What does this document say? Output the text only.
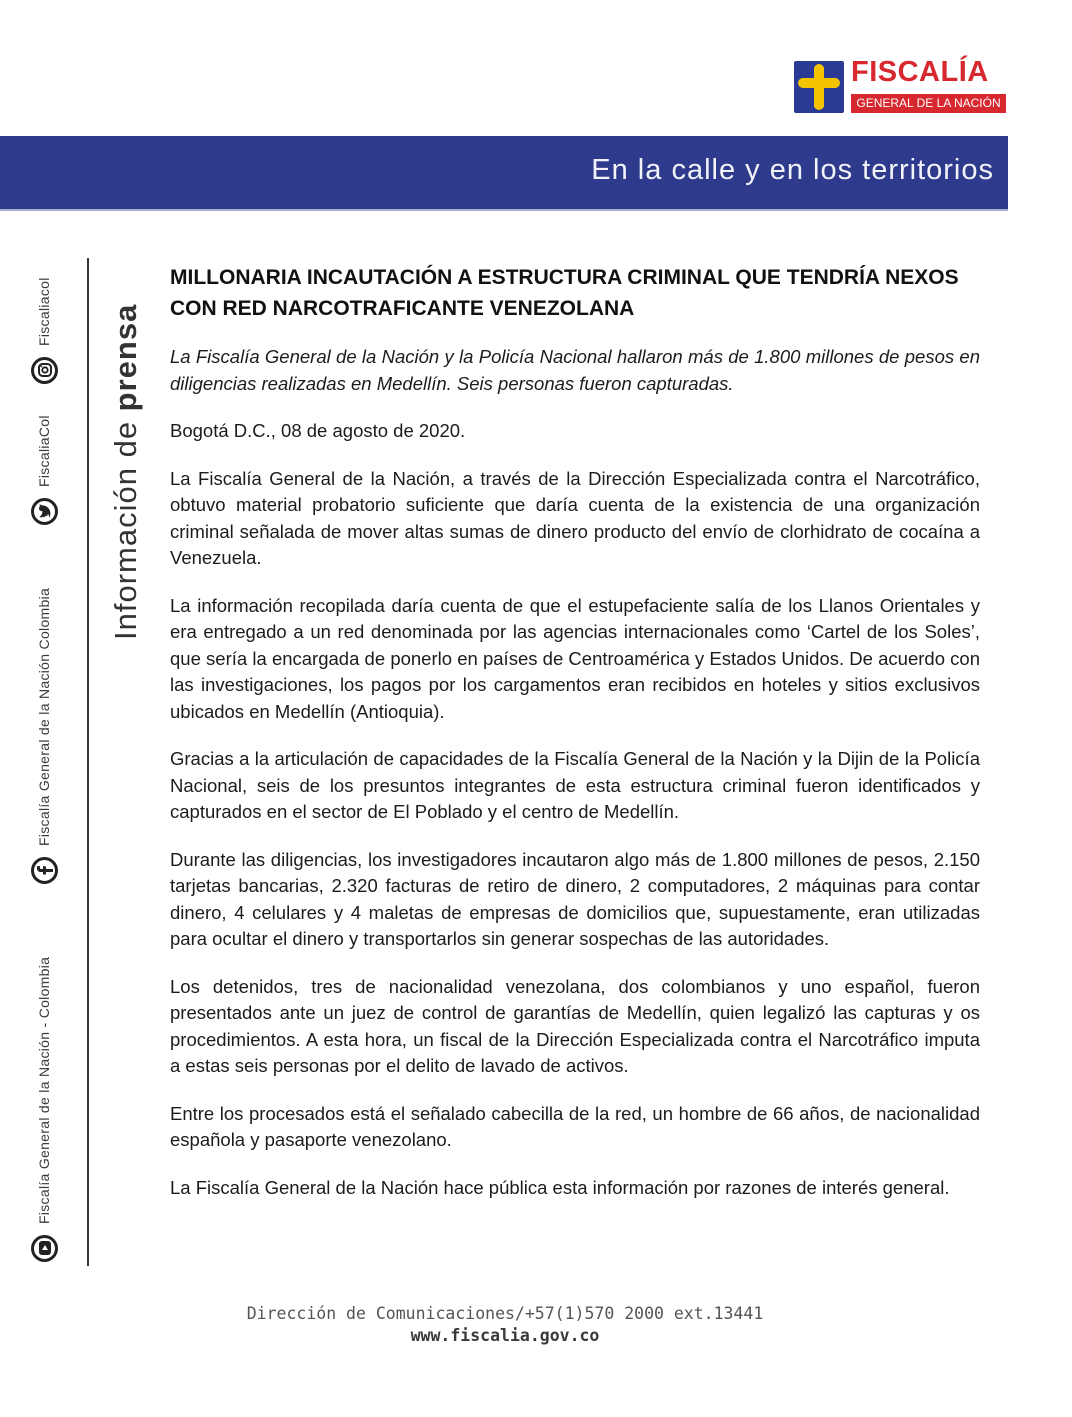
FISCALÍA
GENERAL DE LA NACIÓN
En la calle y en los territorios
Fiscalía General de la Nación - Colombia
Fiscalía General de la Nación Colombia
FiscaliaCol
Fiscaliacol
Información de prensa
MILLONARIA INCAUTACIÓN A ESTRUCTURA CRIMINAL QUE TENDRÍA NEXOS CON RED NARCOTRAFICANTE VENEZOLANA
La Fiscalía General de la Nación y la Policía Nacional hallaron más de 1.800 millones de pesos en diligencias realizadas en Medellín. Seis personas fueron capturadas.
Bogotá D.C., 08 de agosto de 2020.
La Fiscalía General de la Nación, a través de la Dirección Especializada contra el Narcotráfico, obtuvo material probatorio suficiente que daría cuenta de la existencia de una organización criminal señalada de mover altas sumas de dinero producto del envío de clorhidrato de cocaína a Venezuela.
La información recopilada daría cuenta de que el estupefaciente salía de los Llanos Orientales y era entregado a un red denominada por las agencias internacionales como ‘Cartel de los Soles’, que sería la encargada de ponerlo en países de Centroamérica y Estados Unidos. De acuerdo con las investigaciones, los pagos por los cargamentos eran recibidos en hoteles y sitios exclusivos ubicados en Medellín (Antioquia).
Gracias a la articulación de capacidades de la Fiscalía General de la Nación y la Dijin de la Policía Nacional, seis de los presuntos integrantes de esta estructura criminal fueron identificados y capturados en el sector de El Poblado y el centro de Medellín.
Durante las diligencias, los investigadores incautaron algo más de 1.800 millones de pesos, 2.150 tarjetas bancarias, 2.320 facturas de retiro de dinero, 2 computadores, 2 máquinas para contar dinero, 4 celulares y 4 maletas de empresas de domicilios que, supuestamente, eran utilizadas para ocultar el dinero y transportarlos sin generar sospechas de las autoridades.
Los detenidos, tres de nacionalidad venezolana, dos colombianos y uno español, fueron presentados ante un juez de control de garantías de Medellín, quien legalizó las capturas y os procedimientos. A esta hora, un fiscal de la Dirección Especializada contra el Narcotráfico imputa a estas seis personas por el delito de lavado de activos.
Entre los procesados está el señalado cabecilla de la red, un hombre de 66 años, de nacionalidad española y pasaporte venezolano.
La Fiscalía General de la Nación hace pública esta información por razones de interés general.
Dirección de Comunicaciones/+57(1)570 2000 ext.13441
www.fiscalia.gov.co
